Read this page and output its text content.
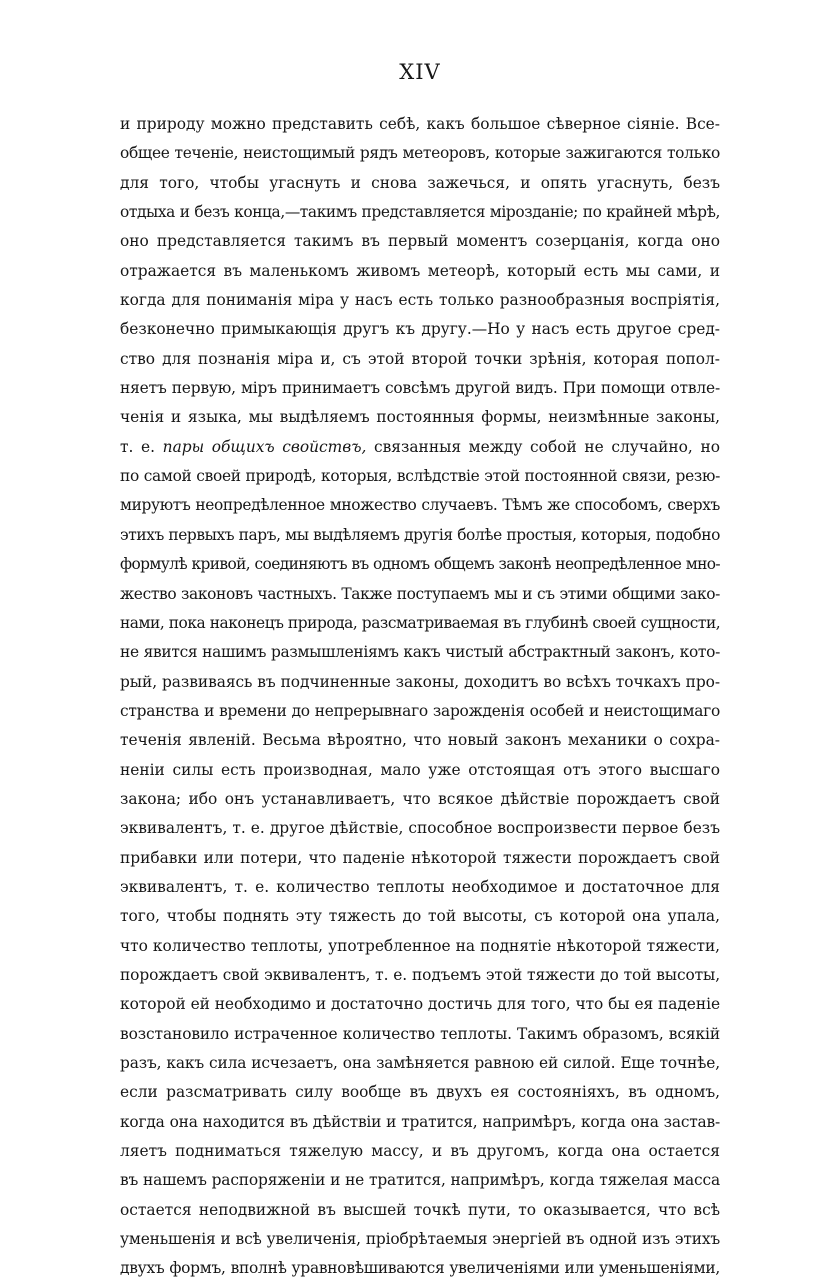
XIV
и природу можно представить себѣ, какъ большое сѣверное сіяніе. Все-
общее теченіе, неистощимый рядъ метеоровъ, которые зажигаются только
для того, чтобы угаснуть и снова зажечься, и опять угаснуть, безъ
отдыха и безъ конца,—такимъ представляется мірозданіе; по крайней мѣрѣ,
оно представляется такимъ въ первый моментъ созерцанія, когда оно
отражается въ маленькомъ живомъ метеорѣ, который есть мы сами, и
когда для пониманія міра у насъ есть только разнообразныя воспріятія,
безконечно примыкающія другъ къ другу.—Но у насъ есть другое сред-
ство для познанія міра и, съ этой второй точки зрѣнія, которая попол-
няетъ первую, міръ принимаетъ совсѣмъ другой видъ. При помощи отвле-
ченія и языка, мы выдѣляемъ постоянныя формы, неизмѣнные законы,
т. е. пары общихъ свойствъ, связанныя между собой не случайно, но
по самой своей природѣ, которыя, вслѣдствіе этой постоянной связи, резю-
мируютъ неопредѣленное множество случаевъ. Тѣмъ же способомъ, сверхъ
этихъ первыхъ паръ, мы выдѣляемъ другія болѣе простыя, которыя, подобно
формулѣ кривой, соединяютъ въ одномъ общемъ законѣ неопредѣленное мно-
жество законовъ частныхъ. Также поступаемъ мы и съ этими общими зако-
нами, пока наконецъ природа, разсматриваемая въ глубинѣ своей сущности,
не явится нашимъ размышленіямъ какъ чистый абстрактный законъ, кото-
рый, развиваясь въ подчиненные законы, доходитъ во всѣхъ точкахъ про-
странства и времени до непрерывнаго зарожденія особей и неистощимаго
теченія явленій. Весьма вѣроятно, что новый законъ механики о сохра-
неніи силы есть производная, мало уже отстоящая отъ этого высшаго
закона; ибо онъ устанавливаетъ, что всякое дѣйствіе порождаетъ свой
эквивалентъ, т. е. другое дѣйствіе, способное воспроизвести первое безъ
прибавки или потери, что паденіе нѣкоторой тяжести порождаетъ свой
эквивалентъ, т. е. количество теплоты необходимое и достаточное для
того, чтобы поднять эту тяжесть до той высоты, съ которой она упала,
что количество теплоты, употребленное на поднятіе нѣкоторой тяжести,
порождаетъ свой эквивалентъ, т. е. подъемъ этой тяжести до той высоты,
которой ей необходимо и достаточно достичь для того, что бы ея паденіе
возстановило истраченное количество теплоты. Такимъ образомъ, всякій
разъ, какъ сила исчезаетъ, она замѣняется равною ей силой. Еще точнѣе,
если разсматривать силу вообще въ двухъ ея состояніяхъ, въ одномъ,
когда она находится въ дѣйствіи и тратится, напримѣръ, когда она застав-
ляетъ подниматься тяжелую массу, и въ другомъ, когда она остается
въ нашемъ распоряженіи и не тратится, напримѣръ, когда тяжелая масса
остается неподвижной въ высшей точкѣ пути, то оказывается, что всѣ
уменьшенія и всѣ увеличенія, пріобрѣтаемыя энергіей въ одной изъ этихъ
двухъ формъ, вполнѣ уравновѣшиваются увеличеніями или уменьшеніями,
